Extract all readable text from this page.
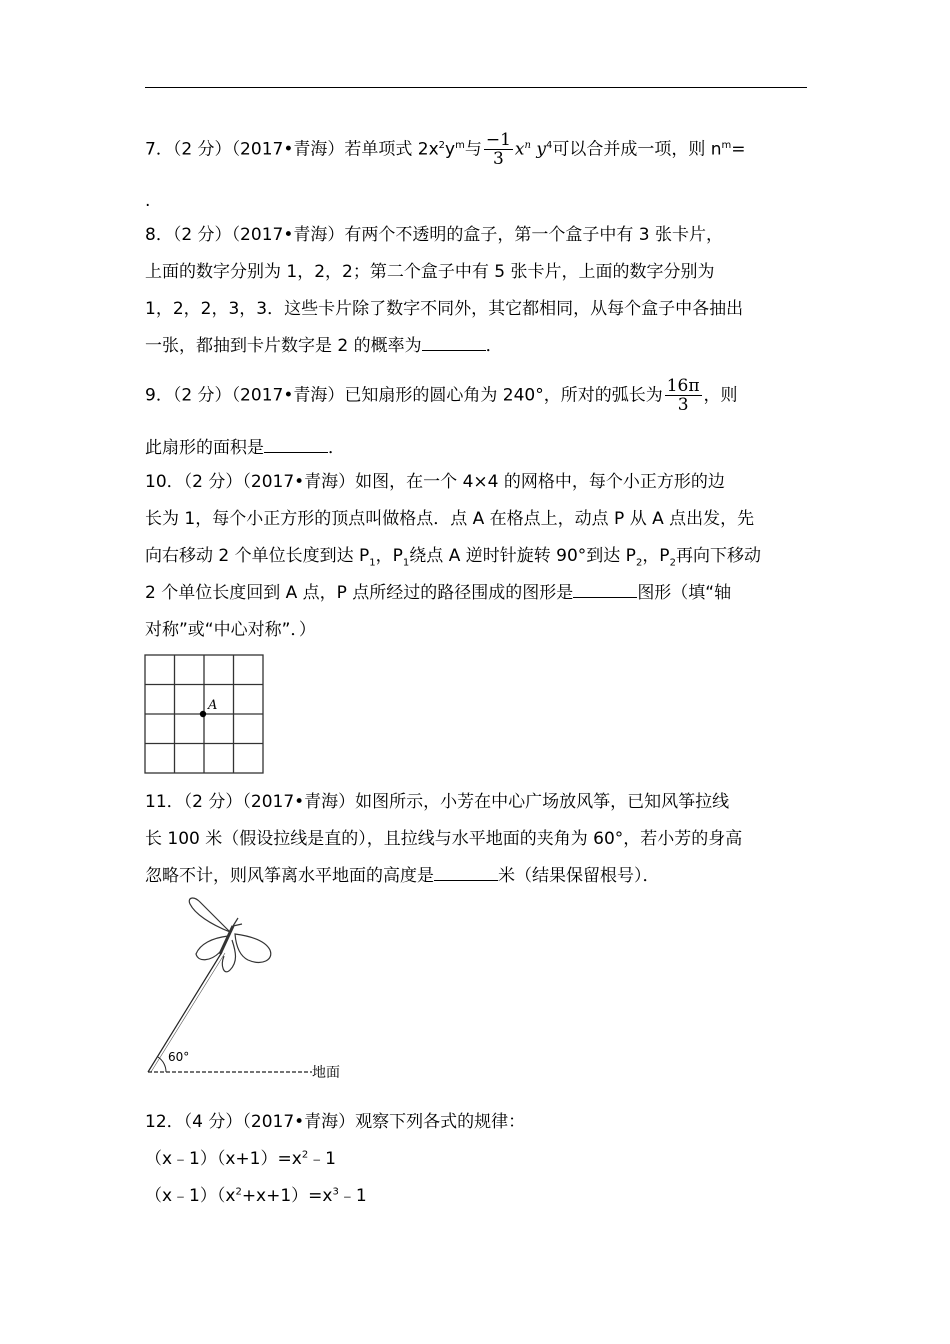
7．（2 分）（2017•青海）若单项式 $2x^2y^m$与 $\frac{-1}{3} x^n$ $y^4$可以合并成一项，则 $n^m=$

.

8．（2 分）（2017•青海）有两个不透明的盒子，第一个盒子中有 3 张卡片，
上面的数字分别为 1，2，2；第二个盒子中有 5 张卡片，上面的数字分别为
1，2，2，3，3．这些卡片除了数字不同外，其它都相同，从每个盒子中各抽出
一张，都抽到卡片数字是 2 的概率为	．

9．（2 分）（2017•青海）已知扇形的圆心角为 240°，所对的弧长为 $\frac{16\pi}{3}$ ，则

此扇形的面积是	．

10．（2 分）（2017•青海）如图，在一个 4×4 的网格中，每个小正方形的边
长为 1，每个小正方形的顶点叫做格点．点 A 在格点上，动点 P 从 A 点出发，先
向右移动 2 个单位长度到达 $P_1$，$P_1$绕点 A 逆时针旋转 90°到达 $P_2$，$P_2$再向下移动
2 个单位长度回到 A 点，P 点所经过的路径围成的图形是	图形（填“轴
对称”或“中心对称”．）

A

11．（2 分）（2017•青海）如图所示，小芳在中心广场放风筝，已知风筝拉线
长 100 米（假设拉线是直的），且拉线与水平地面的夹角为 60°，若小芳的身高
忽略不计，则风筝离水平地面的高度是	米（结果保留根号）．

60°
地面

12．（4 分）（2017•青海）观察下列各式的规律：

$(x﹣1)(x+1)=x^2﹣1$

$(x﹣1)(x^2+x+1)=x^3﹣1$
